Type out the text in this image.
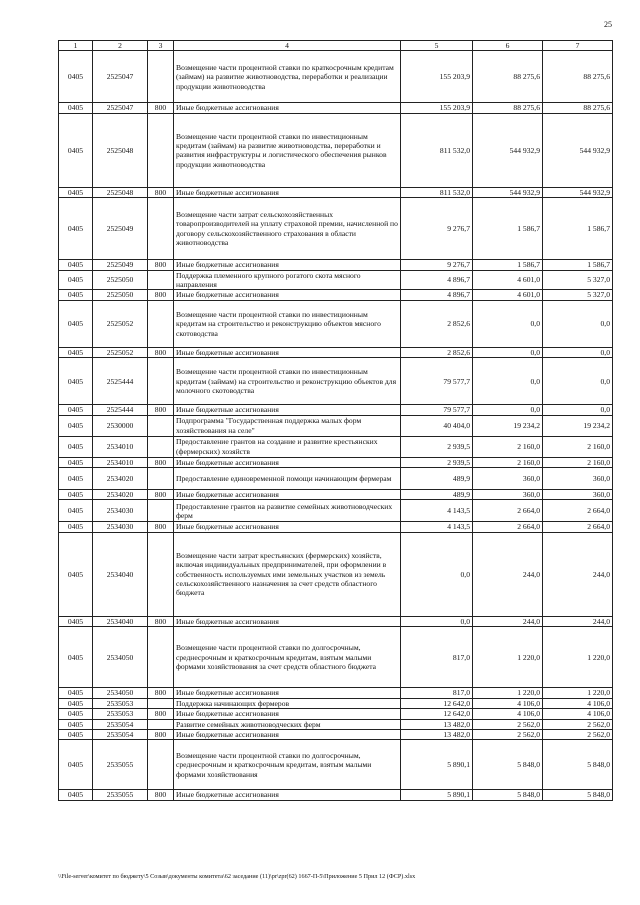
25
1	2	3	4	5	6	7
0405	2525047		Возмещение части процентной ставки по краткосрочным кредитам (займам) на развитие животноводства, переработки и реализации продукции животноводства	155 203,9	88 275,6	88 275,6
0405	2525047	800	Иные бюджетные ассигнования	155 203,9	88 275,6	88 275,6
0405	2525048		Возмещение части процентной ставки по инвестиционным кредитам (займам) на развитие животноводства, переработки и развития инфраструктуры и логистического обеспечения рынков продукции животноводства	811 532,0	544 932,9	544 932,9
0405	2525048	800	Иные бюджетные ассигнования	811 532,0	544 932,9	544 932,9
0405	2525049		Возмещение части затрат сельскохозяйственных товаропроизводителей на уплату страховой премии, начисленной по договору сельскохозяйственного страхования в области животноводства	9 276,7	1 586,7	1 586,7
0405	2525049	800	Иные бюджетные ассигнования	9 276,7	1 586,7	1 586,7
0405	2525050		Поддержка племенного крупного рогатого скота мясного направления	4 896,7	4 601,0	5 327,0
0405	2525050	800	Иные бюджетные ассигнования	4 896,7	4 601,0	5 327,0
0405	2525052		Возмещение части процентной ставки по инвестиционным кредитам на строительство и реконструкцию объектов мясного скотоводства	2 852,6	0,0	0,0
0405	2525052	800	Иные бюджетные ассигнования	2 852,6	0,0	0,0
0405	2525444		Возмещение части процентной ставки по инвестиционным кредитам (займам) на строительство и реконструкцию объектов для молочного скотоводства	79 577,7	0,0	0,0
0405	2525444	800	Иные бюджетные ассигнования	79 577,7	0,0	0,0
0405	2530000		Подпрограмма "Государственная поддержка малых форм хозяйствования на селе"	40 404,0	19 234,2	19 234,2
0405	2534010		Предоставление грантов на создание и развитие крестьянских (фермерских) хозяйств	2 939,5	2 160,0	2 160,0
0405	2534010	800	Иные бюджетные ассигнования	2 939,5	2 160,0	2 160,0
0405	2534020		Предоставление единовременной помощи начинающим фермерам	489,9	360,0	360,0
0405	2534020	800	Иные бюджетные ассигнования	489,9	360,0	360,0
0405	2534030		Предоставление грантов на развитие семейных животноводческих ферм	4 143,5	2 664,0	2 664,0
0405	2534030	800	Иные бюджетные ассигнования	4 143,5	2 664,0	2 664,0
0405	2534040		Возмещение части затрат крестьянских (фермерских) хозяйств, включая индивидуальных предпринимателей, при оформлении в собственность используемых ими земельных участков из земель сельскохозяйственного назначения за счет средств областного бюджета	0,0	244,0	244,0
0405	2534040	800	Иные бюджетные ассигнования	0,0	244,0	244,0
0405	2534050		Возмещение части процентной ставки по долгосрочным, среднесрочным и краткосрочным кредитам, взятым малыми формами хозяйствования за счет средств областного бюджета	817,0	1 220,0	1 220,0
0405	2534050	800	Иные бюджетные ассигнования	817,0	1 220,0	1 220,0
0405	2535053		Поддержка начинающих фермеров	12 642,0	4 106,0	4 106,0
0405	2535053	800	Иные бюджетные ассигнования	12 642,0	4 106,0	4 106,0
0405	2535054		Развитие семейных животноводческих ферм	13 482,0	2 562,0	2 562,0
0405	2535054	800	Иные бюджетные ассигнования	13 482,0	2 562,0	2 562,0
0405	2535055		Возмещение части процентной ставки по долгосрочным, среднесрочным и краткосрочным кредитам, взятым малыми формами хозяйствования	5 890,1	5 848,0	5 848,0
0405	2535055	800	Иные бюджетные ассигнования	5 890,1	5 848,0	5 848,0
\\File-server\комитет по бюджету\5 Созыв\документы комитета\62 заседание (11)\pr\zpr(62) 1667-П-5\Приложение 5 Прил 12 (ФСР).xlsx
